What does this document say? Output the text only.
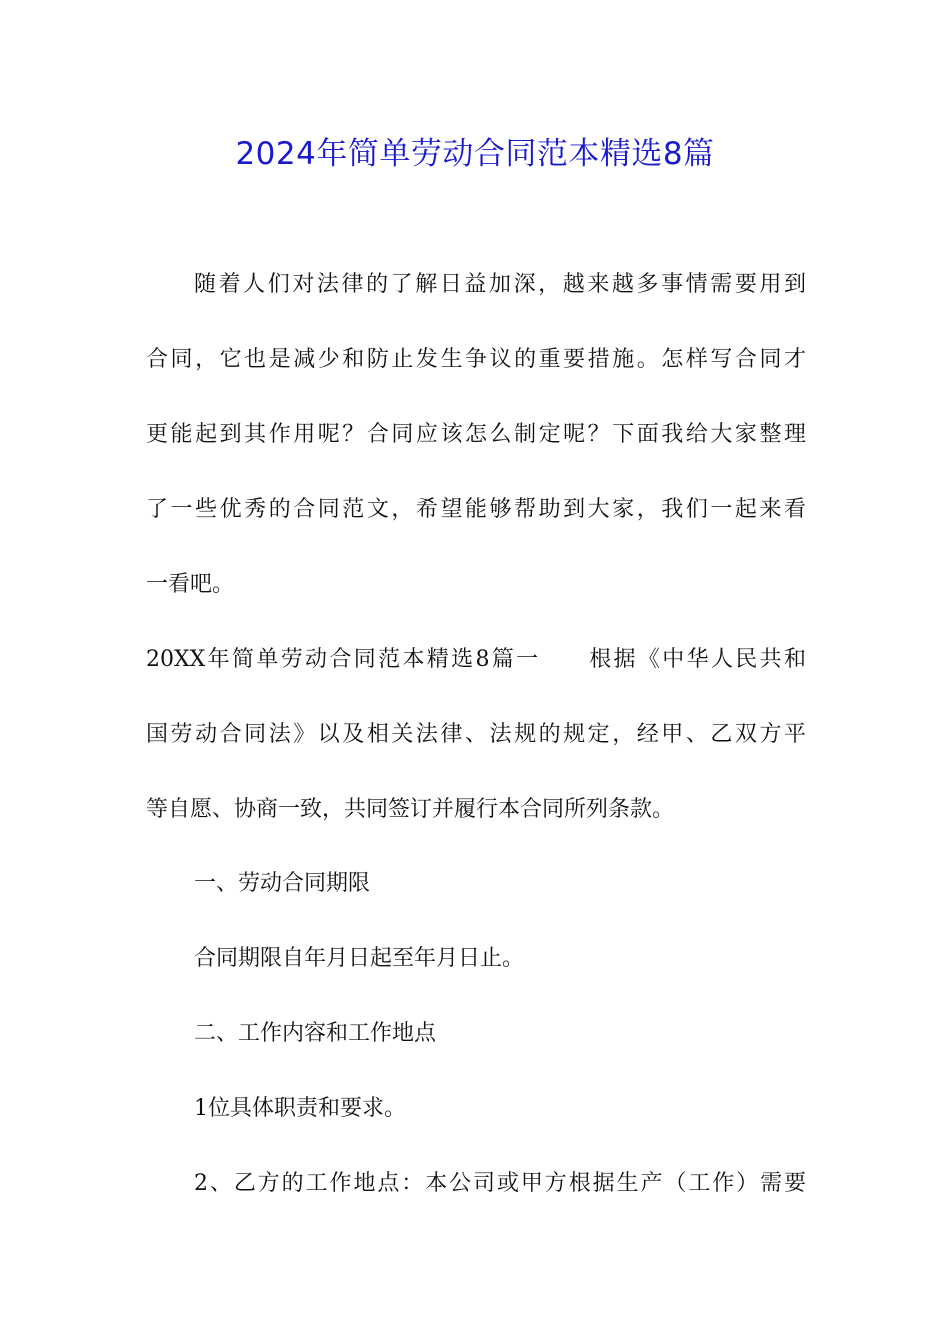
2024年简单劳动合同范本精选8篇
随着人们对法律的了解日益加深，越来越多事情需要用到
合同，它也是减少和防止发生争议的重要措施。怎样写合同才
更能起到其作用呢？合同应该怎么制定呢？下面我给大家整理
了一些优秀的合同范文，希望能够帮助到大家，我们一起来看
一看吧。
20XX年简单劳动合同范本精选8篇一　　根据《中华人民共和
国劳动合同法》以及相关法律、法规的规定，经甲、乙双方平
等自愿、协商一致，共同签订并履行本合同所列条款。
一、劳动合同期限
合同期限自年月日起至年月日止。
二、工作内容和工作地点
1位具体职责和要求。
2、乙方的工作地点：本公司或甲方根据生产（工作）需要
